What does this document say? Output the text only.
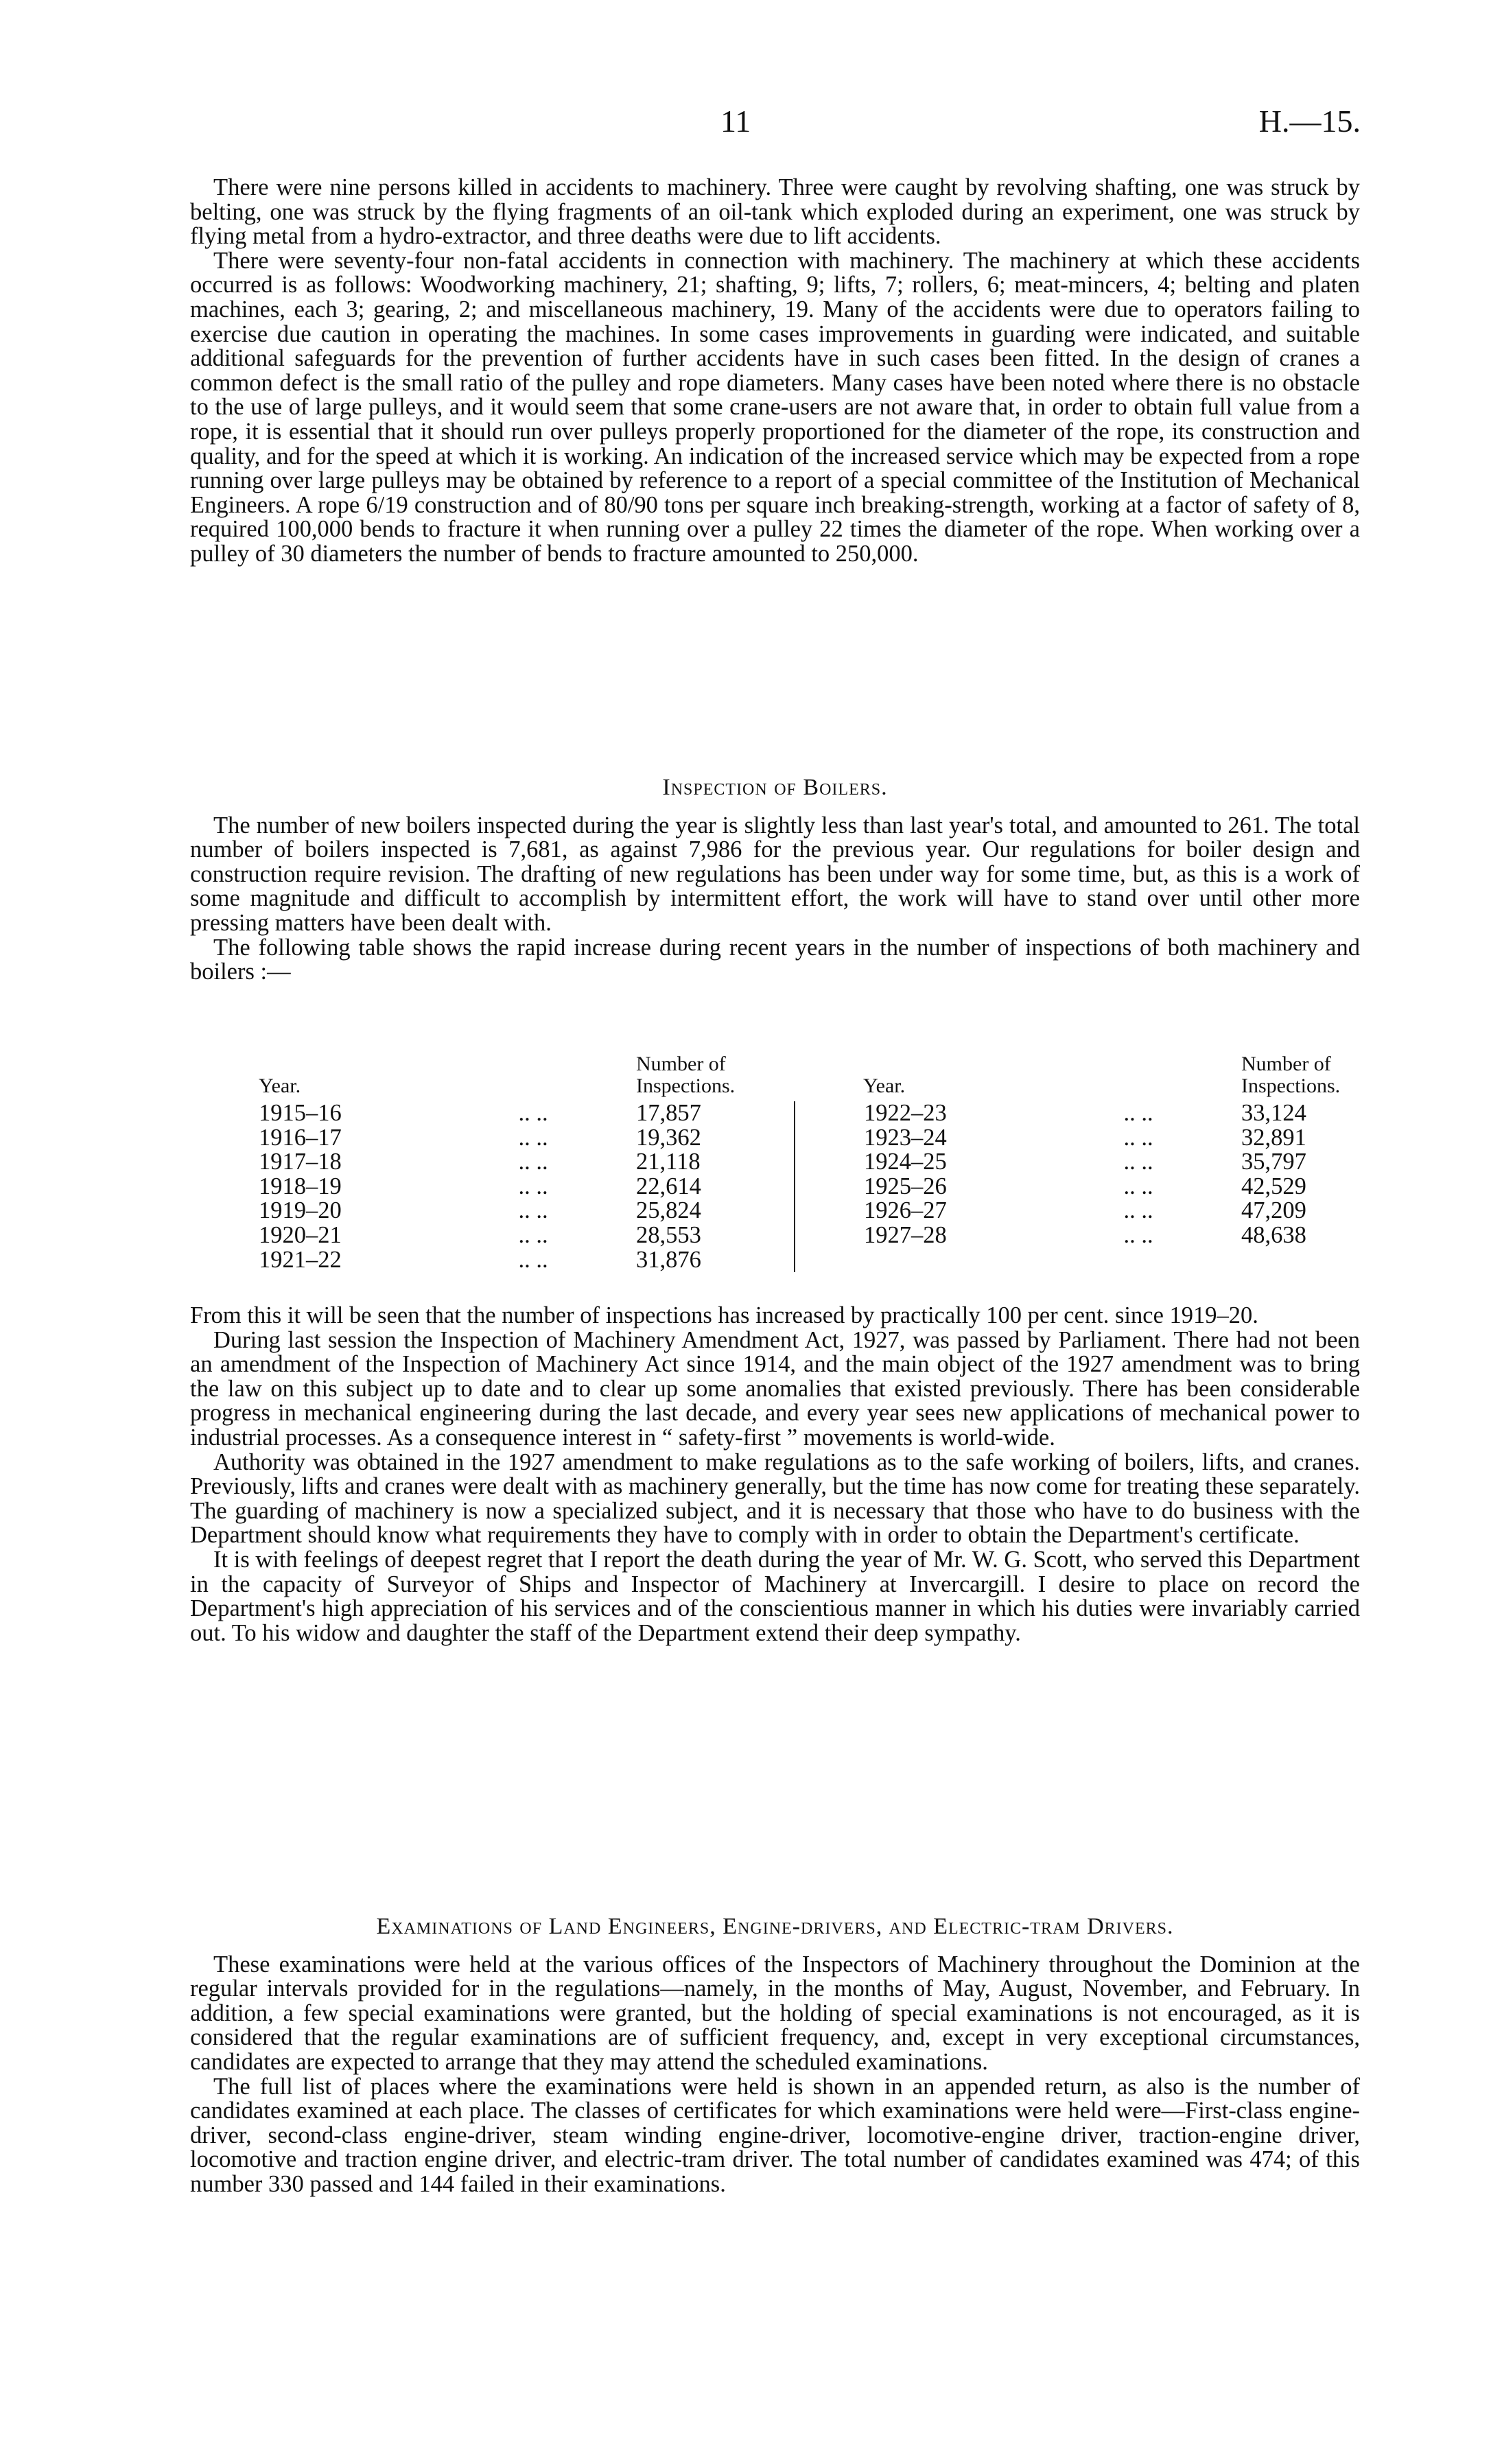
11	H.—15.

There were nine persons killed in accidents to machinery. Three were caught by revolving shafting, one was struck by belting, one was struck by the flying fragments of an oil-tank which exploded during an experiment, one was struck by flying metal from a hydro-extractor, and three deaths were due to lift accidents.

There were seventy-four non-fatal accidents in connection with machinery. The machinery at which these accidents occurred is as follows: Woodworking machinery, 21; shafting, 9; lifts, 7; rollers, 6; meat-mincers, 4; belting and platen machines, each 3; gearing, 2; and miscellaneous machinery, 19. Many of the accidents were due to operators failing to exercise due caution in operating the machines. In some cases improvements in guarding were indicated, and suitable additional safeguards for the prevention of further accidents have in such cases been fitted. In the design of cranes a common defect is the small ratio of the pulley and rope diameters. Many cases have been noted where there is no obstacle to the use of large pulleys, and it would seem that some crane-users are not aware that, in order to obtain full value from a rope, it is essential that it should run over pulleys properly proportioned for the diameter of the rope, its construction and quality, and for the speed at which it is working. An indication of the increased service which may be expected from a rope running over large pulleys may be obtained by reference to a report of a special committee of the Institution of Mechanical Engineers. A rope 6/19 construction and of 80/90 tons per square inch breaking-strength, working at a factor of safety of 8, required 100,000 bends to fracture it when running over a pulley 22 times the diameter of the rope. When working over a pulley of 30 diameters the number of bends to fracture amounted to 250,000.

Inspection of Boilers.

The number of new boilers inspected during the year is slightly less than last year's total, and amounted to 261. The total number of boilers inspected is 7,681, as against 7,986 for the previous year. Our regulations for boiler design and construction require revision. The drafting of new regulations has been under way for some time, but, as this is a work of some magnitude and difficult to accomplish by intermittent effort, the work will have to stand over until other more pressing matters have been dealt with.

The following table shows the rapid increase during recent years in the number of inspections of both machinery and boilers :—

Year.		Number of Inspections.		Year.		Number of Inspections.
1915–16	.. ..	17,857		1922–23	.. ..	33,124
1916–17	.. ..	19,362		1923–24	.. ..	32,891
1917–18	.. ..	21,118		1924–25	.. ..	35,797
1918–19	.. ..	22,614		1925–26	.. ..	42,529
1919–20	.. ..	25,824		1926–27	.. ..	47,209
1920–21	.. ..	28,553		1927–28	.. ..	48,638
1921–22	.. ..	31,876				

From this it will be seen that the number of inspections has increased by practically 100 per cent. since 1919–20.

During last session the Inspection of Machinery Amendment Act, 1927, was passed by Parliament. There had not been an amendment of the Inspection of Machinery Act since 1914, and the main object of the 1927 amendment was to bring the law on this subject up to date and to clear up some anomalies that existed previously. There has been considerable progress in mechanical engineering during the last decade, and every year sees new applications of mechanical power to industrial processes. As a consequence interest in “ safety-first ” movements is world-wide.

Authority was obtained in the 1927 amendment to make regulations as to the safe working of boilers, lifts, and cranes. Previously, lifts and cranes were dealt with as machinery generally, but the time has now come for treating these separately. The guarding of machinery is now a specialized subject, and it is necessary that those who have to do business with the Department should know what requirements they have to comply with in order to obtain the Department's certificate.

It is with feelings of deepest regret that I report the death during the year of Mr. W. G. Scott, who served this Department in the capacity of Surveyor of Ships and Inspector of Machinery at Invercargill. I desire to place on record the Department's high appreciation of his services and of the conscientious manner in which his duties were invariably carried out. To his widow and daughter the staff of the Department extend their deep sympathy.

Examinations of Land Engineers, Engine-drivers, and Electric-tram Drivers.

These examinations were held at the various offices of the Inspectors of Machinery throughout the Dominion at the regular intervals provided for in the regulations—namely, in the months of May, August, November, and February. In addition, a few special examinations were granted, but the holding of special examinations is not encouraged, as it is considered that the regular examinations are of sufficient frequency, and, except in very exceptional circumstances, candidates are expected to arrange that they may attend the scheduled examinations.

The full list of places where the examinations were held is shown in an appended return, as also is the number of candidates examined at each place. The classes of certificates for which examinations were held were—First-class engine-driver, second-class engine-driver, steam winding engine-driver, locomotive-engine driver, traction-engine driver, locomotive and traction engine driver, and electric-tram driver. The total number of candidates examined was 474; of this number 330 passed and 144 failed in their examinations.
